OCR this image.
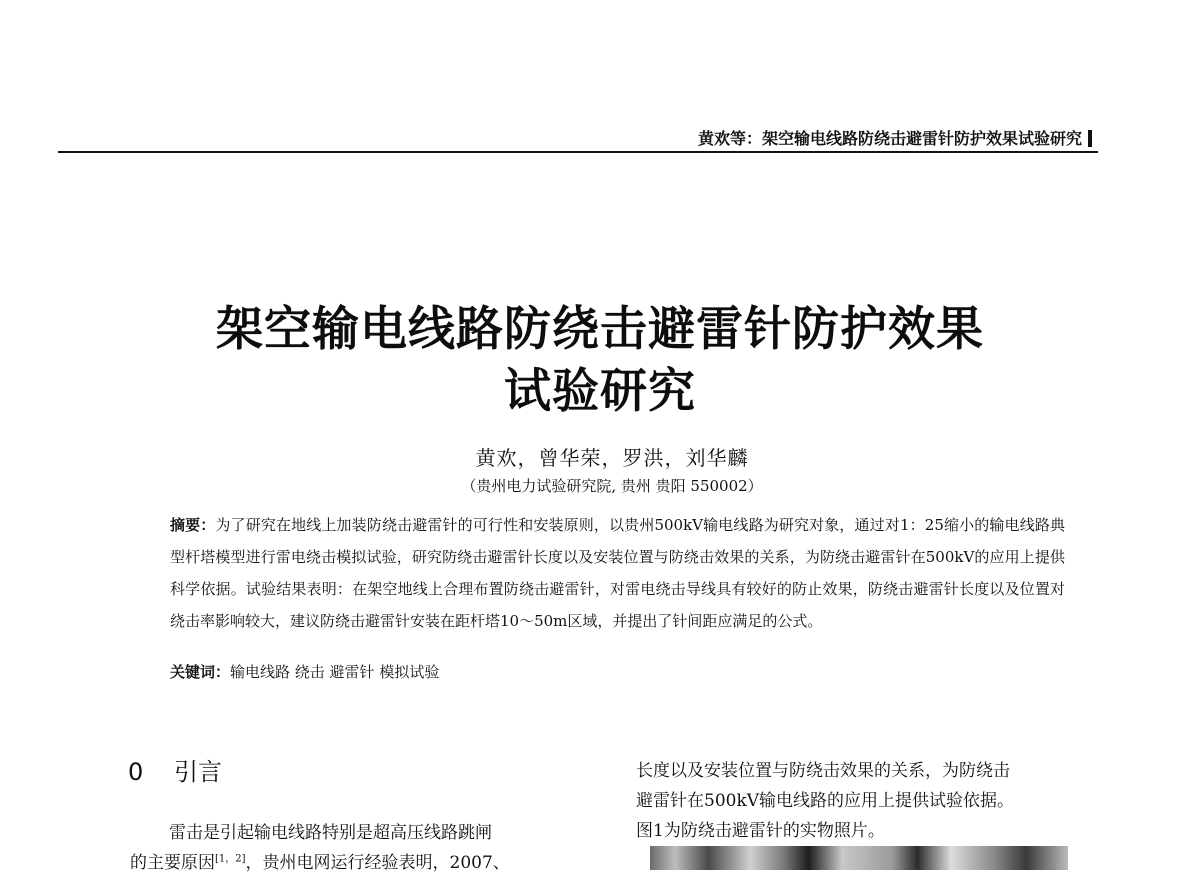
黄欢等：架空输电线路防绕击避雷针防护效果试验研究
架空输电线路防绕击避雷针防护效果
试验研究
黄欢，曾华荣，罗洪，刘华麟
（贵州电力试验研究院, 贵州 贵阳 550002）
摘要：为了研究在地线上加装防绕击避雷针的可行性和安装原则，以贵州500kV输电线路为研究对象，通过对1：25缩小的输电线路典型杆塔模型进行雷电绕击模拟试验，研究防绕击避雷针长度以及安装位置与防绕击效果的关系，为防绕击避雷针在500kV的应用上提供科学依据。试验结果表明：在架空地线上合理布置防绕击避雷针，对雷电绕击导线具有较好的防止效果，防绕击避雷针长度以及位置对绕击率影响较大，建议防绕击避雷针安装在距杆塔10～50m区域，并提出了针间距应满足的公式。
关键词：输电线路 绕击 避雷针 模拟试验
0 引言
雷击是引起输电线路特别是超高压线路跳闸
的主要原因[1，2]，贵州电网运行经验表明，2007、
长度以及安装位置与防绕击效果的关系，为防绕击
避雷针在500kV输电线路的应用上提供试验依据。
图1为防绕击避雷针的实物照片。
